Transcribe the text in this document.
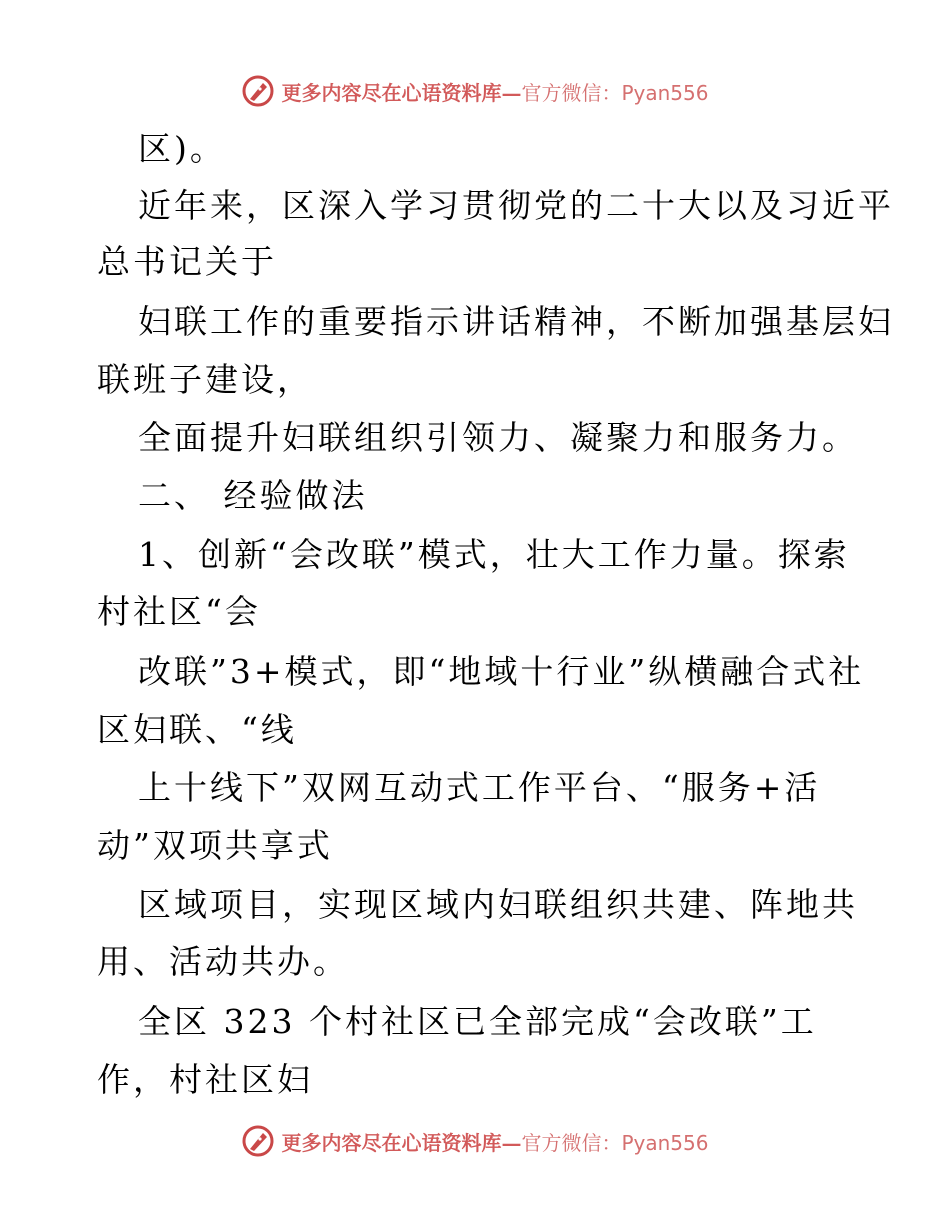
更多内容尽在心语资料库— 官方微信：Pyan556
区)。
近年来，区深入学习贯彻党的二十大以及习近平
总书记关于
妇联工作的重要指示讲话精神，不断加强基层妇
联班子建设，
全面提升妇联组织引领力、凝聚力和服务力。
二、 经验做法
1、创新“会改联”模式，壮大工作力量。探索
村社区“会
改联”3+模式，即“地域十行业”纵横融合式社
区妇联、“线
上十线下”双网互动式工作平台、“服务+活
动”双项共享式
区域项目，实现区域内妇联组织共建、阵地共
用、活动共办。
全区 323 个村社区已全部完成“会改联”工
作，村社区妇
更多内容尽在心语资料库— 官方微信：Pyan556
